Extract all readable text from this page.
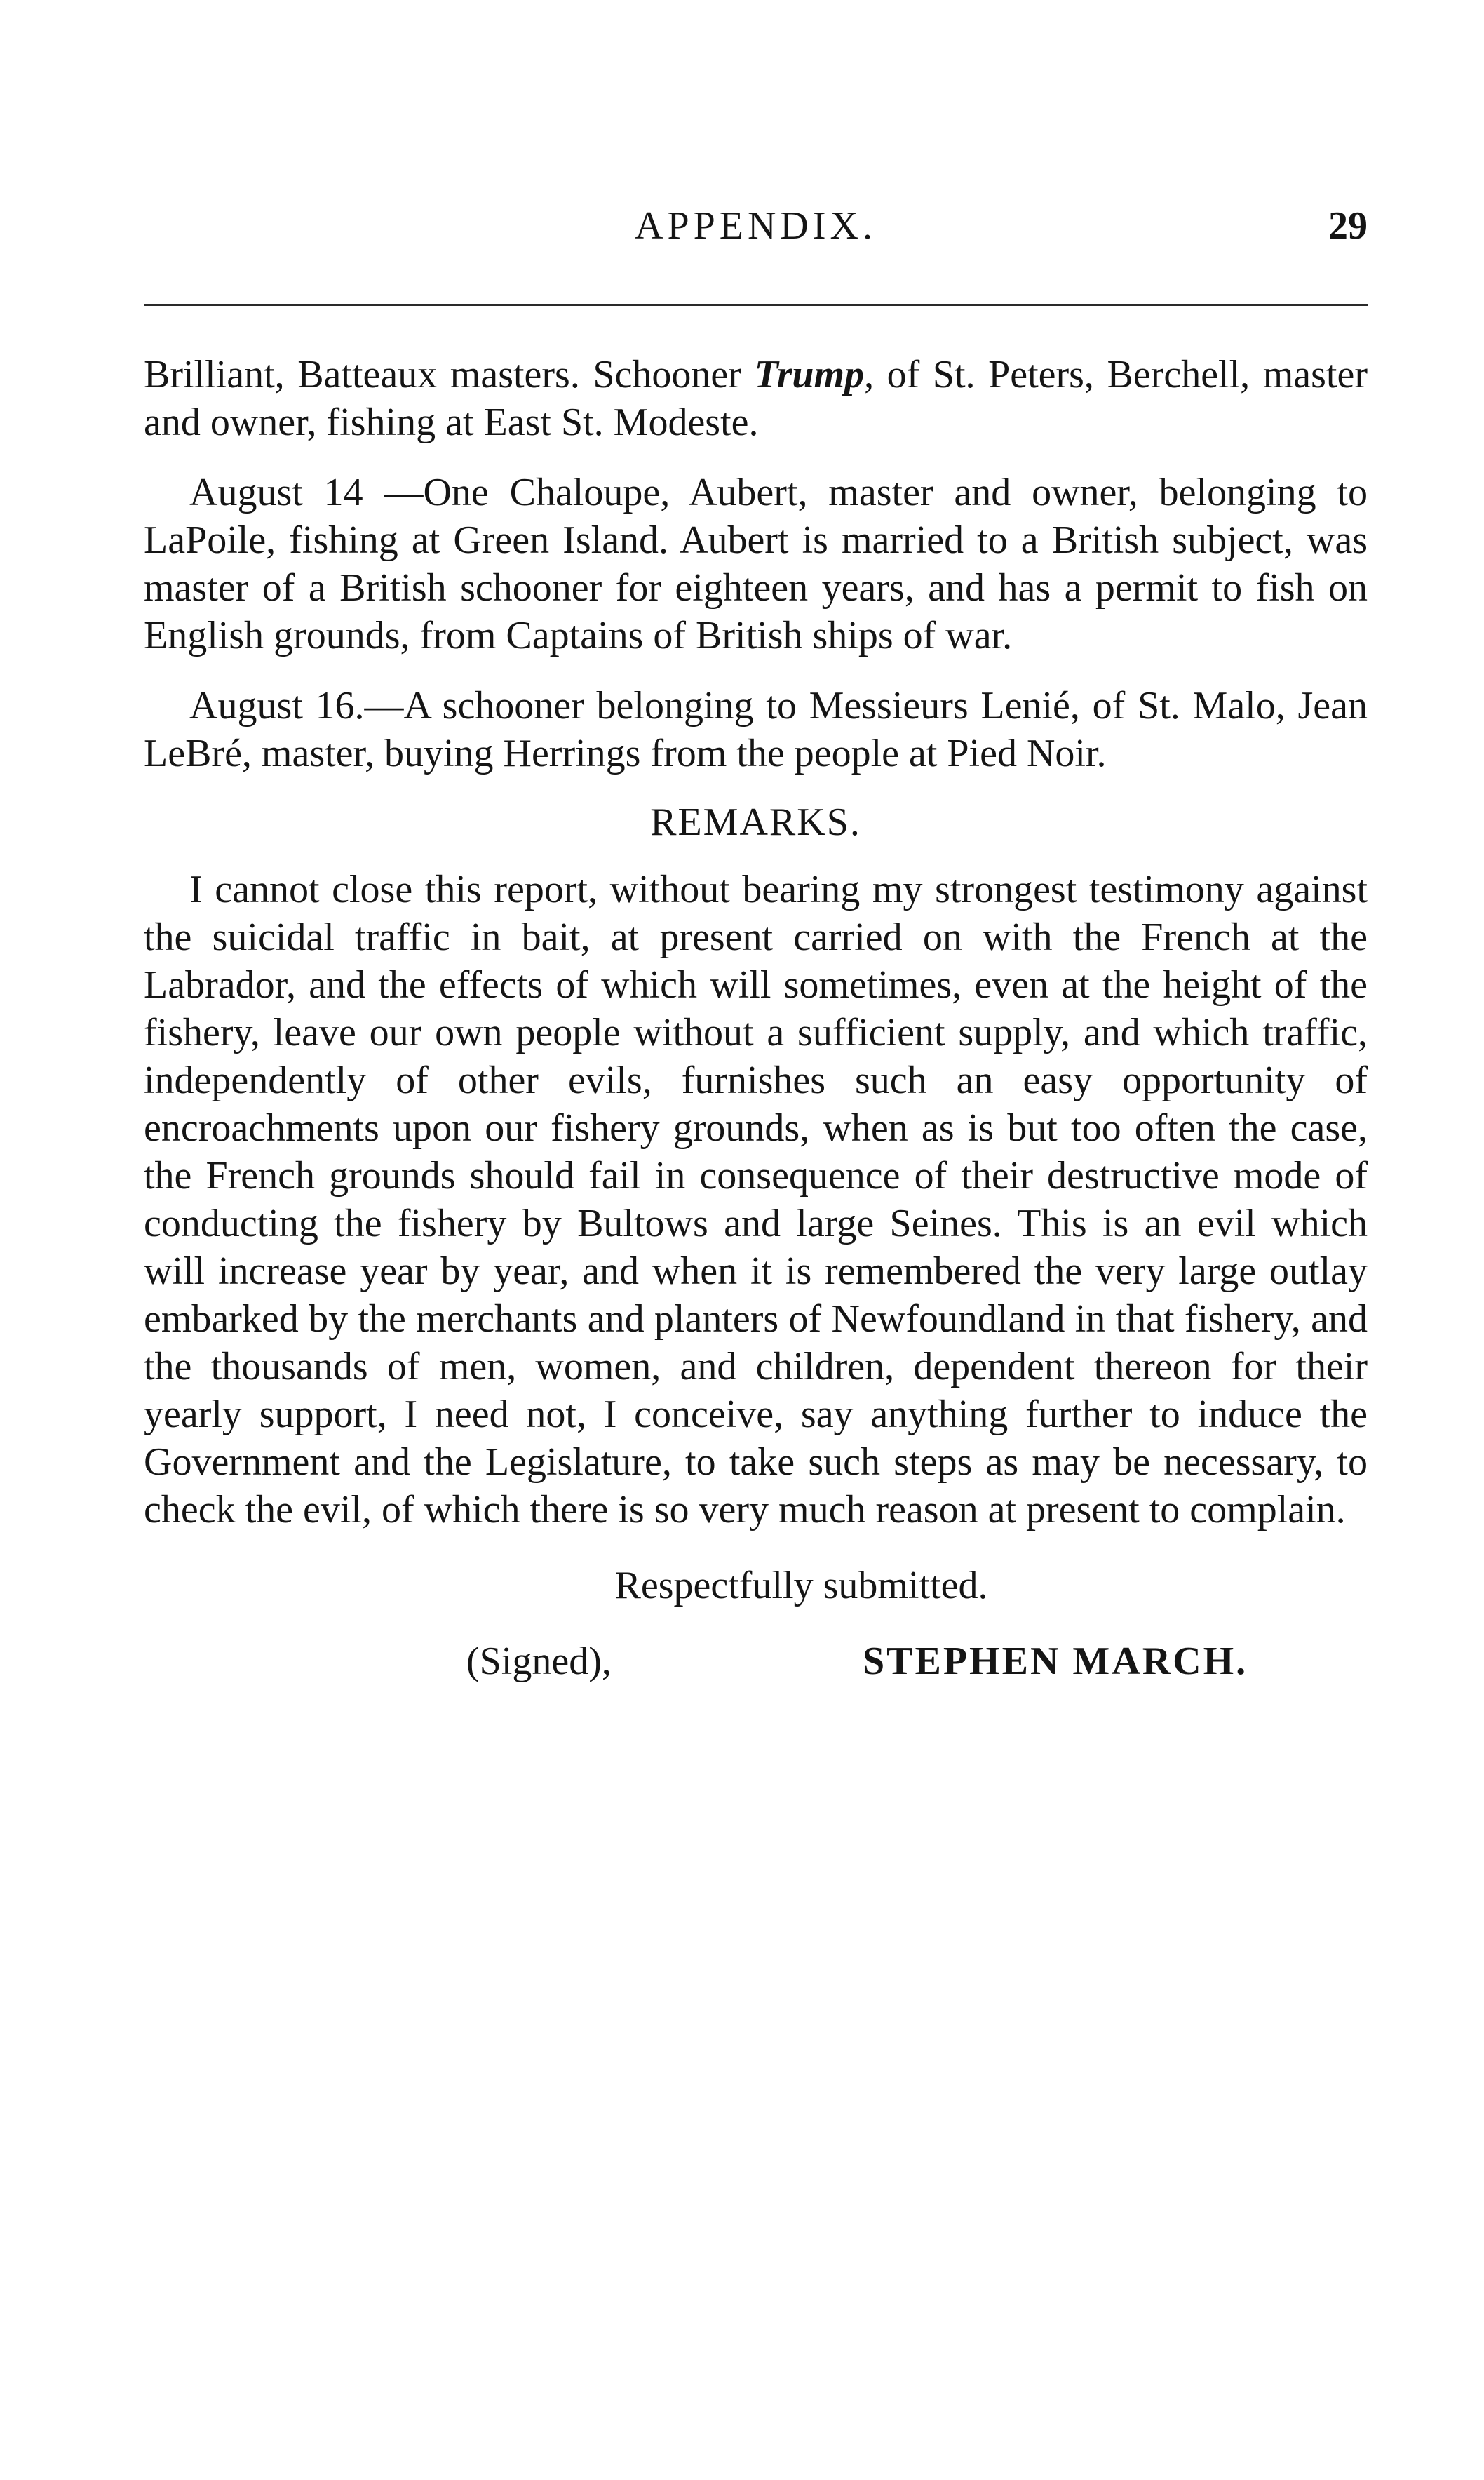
APPENDIX.	29

Brilliant, Batteaux masters. Schooner Trump, of St. Peters, Berchell, master and owner, fishing at East St. Modeste.

August 14 —One Chaloupe, Aubert, master and owner, belonging to LaPoile, fishing at Green Island. Aubert is married to a British subject, was master of a British schooner for eighteen years, and has a permit to fish on English grounds, from Captains of British ships of war.

August 16.—A schooner belonging to Messieurs Lenié, of St. Malo, Jean LeBré, master, buying Herrings from the people at Pied Noir.

REMARKS.

I cannot close this report, without bearing my strongest testimony against the suicidal traffic in bait, at present carried on with the French at the Labrador, and the effects of which will sometimes, even at the height of the fishery, leave our own people without a sufficient supply, and which traffic, independently of other evils, furnishes such an easy opportunity of encroachments upon our fishery grounds, when as is but too often the case, the French grounds should fail in consequence of their destructive mode of conducting the fishery by Bultows and large Seines. This is an evil which will increase year by year, and when it is remembered the very large outlay embarked by the merchants and planters of Newfoundland in that fishery, and the thousands of men, women, and children, dependent thereon for their yearly support, I need not, I conceive, say anything further to induce the Government and the Legislature, to take such steps as may be necessary, to check the evil, of which there is so very much reason at present to complain.

Respectfully submitted.
(Signed),	STEPHEN MARCH.
